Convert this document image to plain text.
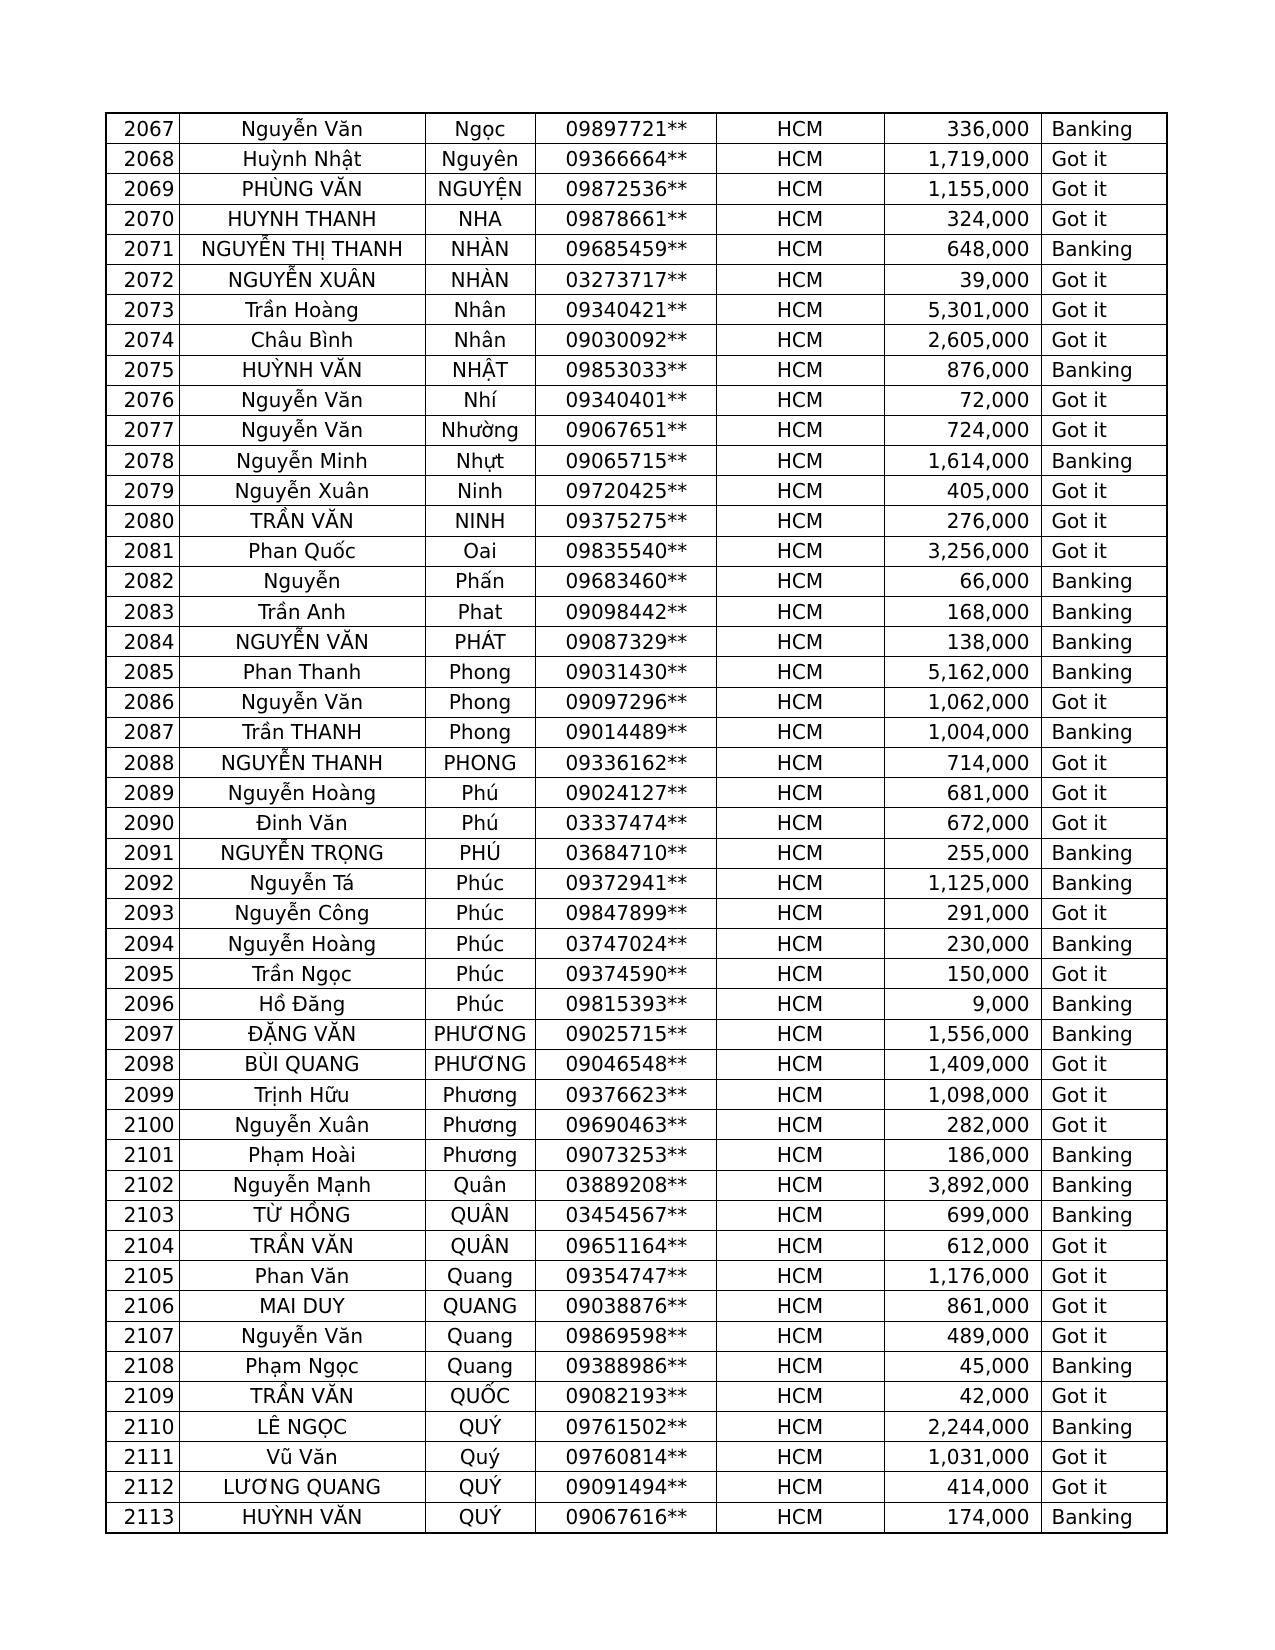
2067	Nguyễn Văn	Ngọc	09897721**	HCM	336,000	Banking
2068	Huỳnh Nhật	Nguyên	09366664**	HCM	1,719,000	Got it
2069	PHÙNG VĂN	NGUYỆN	09872536**	HCM	1,155,000	Got it
2070	HUYNH THANH	NHA	09878661**	HCM	324,000	Got it
2071	NGUYỄN THỊ THANH	NHÀN	09685459**	HCM	648,000	Banking
2072	NGUYỄN XUÂN	NHÀN	03273717**	HCM	39,000	Got it
2073	Trần Hoàng	Nhân	09340421**	HCM	5,301,000	Got it
2074	Châu Bình	Nhân	09030092**	HCM	2,605,000	Got it
2075	HUỲNH VĂN	NHẬT	09853033**	HCM	876,000	Banking
2076	Nguyễn Văn	Nhí	09340401**	HCM	72,000	Got it
2077	Nguyễn Văn	Nhường	09067651**	HCM	724,000	Got it
2078	Nguyễn Minh	Nhựt	09065715**	HCM	1,614,000	Banking
2079	Nguyễn Xuân	Ninh	09720425**	HCM	405,000	Got it
2080	TRẦN VĂN	NINH	09375275**	HCM	276,000	Got it
2081	Phan Quốc	Oai	09835540**	HCM	3,256,000	Got it
2082	Nguyễn	Phấn	09683460**	HCM	66,000	Banking
2083	Trần Anh	Phat	09098442**	HCM	168,000	Banking
2084	NGUYỄN VĂN	PHÁT	09087329**	HCM	138,000	Banking
2085	Phan Thanh	Phong	09031430**	HCM	5,162,000	Banking
2086	Nguyễn Văn	Phong	09097296**	HCM	1,062,000	Got it
2087	Trần THANH	Phong	09014489**	HCM	1,004,000	Banking
2088	NGUYỄN THANH	PHONG	09336162**	HCM	714,000	Got it
2089	Nguyễn Hoàng	Phú	09024127**	HCM	681,000	Got it
2090	Đinh Văn	Phú	03337474**	HCM	672,000	Got it
2091	NGUYỄN TRỌNG	PHÚ	03684710**	HCM	255,000	Banking
2092	Nguyễn Tá	Phúc	09372941**	HCM	1,125,000	Banking
2093	Nguyễn Công	Phúc	09847899**	HCM	291,000	Got it
2094	Nguyễn Hoàng	Phúc	03747024**	HCM	230,000	Banking
2095	Trần Ngọc	Phúc	09374590**	HCM	150,000	Got it
2096	Hồ Đăng	Phúc	09815393**	HCM	9,000	Banking
2097	ĐẶNG VĂN	PHƯƠNG	09025715**	HCM	1,556,000	Banking
2098	BÙI QUANG	PHƯƠNG	09046548**	HCM	1,409,000	Got it
2099	Trịnh Hữu	Phương	09376623**	HCM	1,098,000	Got it
2100	Nguyễn Xuân	Phương	09690463**	HCM	282,000	Got it
2101	Phạm Hoài	Phương	09073253**	HCM	186,000	Banking
2102	Nguyễn Mạnh	Quân	03889208**	HCM	3,892,000	Banking
2103	TỪ HỒNG	QUÂN	03454567**	HCM	699,000	Banking
2104	TRẦN VĂN	QUÂN	09651164**	HCM	612,000	Got it
2105	Phan Văn	Quang	09354747**	HCM	1,176,000	Got it
2106	MAI DUY	QUANG	09038876**	HCM	861,000	Got it
2107	Nguyễn Văn	Quang	09869598**	HCM	489,000	Got it
2108	Phạm Ngọc	Quang	09388986**	HCM	45,000	Banking
2109	TRẦN VĂN	QUỐC	09082193**	HCM	42,000	Got it
2110	LÊ NGỌC	QUÝ	09761502**	HCM	2,244,000	Banking
2111	Vũ Văn	Quý	09760814**	HCM	1,031,000	Got it
2112	LƯƠNG QUANG	QUÝ	09091494**	HCM	414,000	Got it
2113	HUỲNH VĂN	QUÝ	09067616**	HCM	174,000	Banking
